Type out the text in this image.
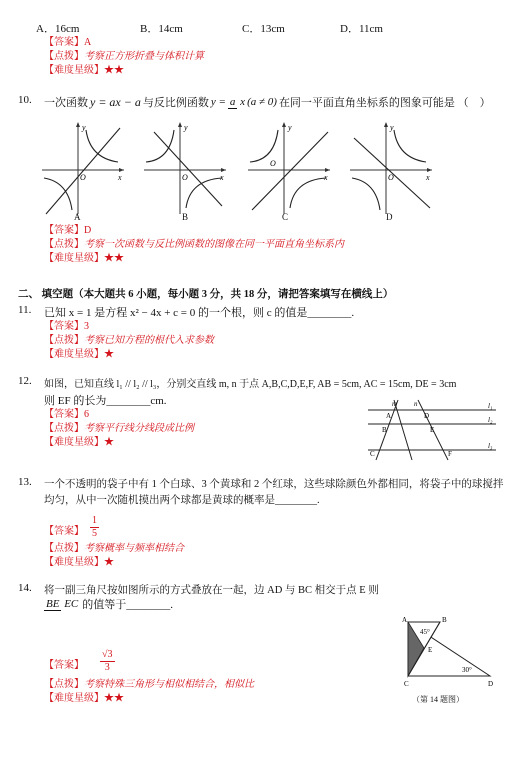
A．16cm	B．14cm	C．13cm	D．11cm
【答案】A
【点拨】考察正方形折叠与体积计算
【难度星级】★★
10. 一次函数 y = ax − a 与反比例函数 y = a x (a ≠ 0) 在同一平面直角坐标系的图象可能是 （　）
y
x
O
A
y
x
O
B
y
x
O
C
y
x
O
D
【答案】D
【点拨】考察一次函数与反比例函数的图像在同一平面直角坐标系内
【难度星级】★★
二、 填空题（本大题共 6 小题，每小题 3 分，共 18 分，请把答案填写在横线上）
11. 已知 x = 1 是方程 x² − 4x + c = 0 的一个根，则 c 的值是________.
【答案】3
【点拨】考察已知方程的根代入求参数
【难度星级】★
12. 如图，已知直线 l₁ // l₂ // l₃，分别交直线 m, n 于点 A,B,C,D,E,F, AB = 5cm, AC = 15cm, DE = 3cm
则 EF 的长为________cm.	m n
A	D
B	E
C	F
l₁
l₂
l₃
【答案】6
【点拨】考察平行线分线段成比例
【难度星级】★
13. 一个不透明的袋子中有 1 个白球、3 个黄球和 2 个红球，这些球除颜色外都相同，将袋子中的球搅拌
均匀，从中一次随机摸出两个球都是黄球的概率是________.
【答案】 $\frac{1}{5}$
【点拨】考察概率与频率相结合
【难度星级】★
14. 将一副三角尺按如图所示的方式叠放在一起，边 AD 与 BC 相交于点 E 则
BE EC 的值等于________.
A	B
45°
E
30°
C	D
（第 14 题图）
【答案】 $\frac{√3}{3}$
【点拨】考察特殊三角形与相似相结合，相似比
【难度星级】★★
